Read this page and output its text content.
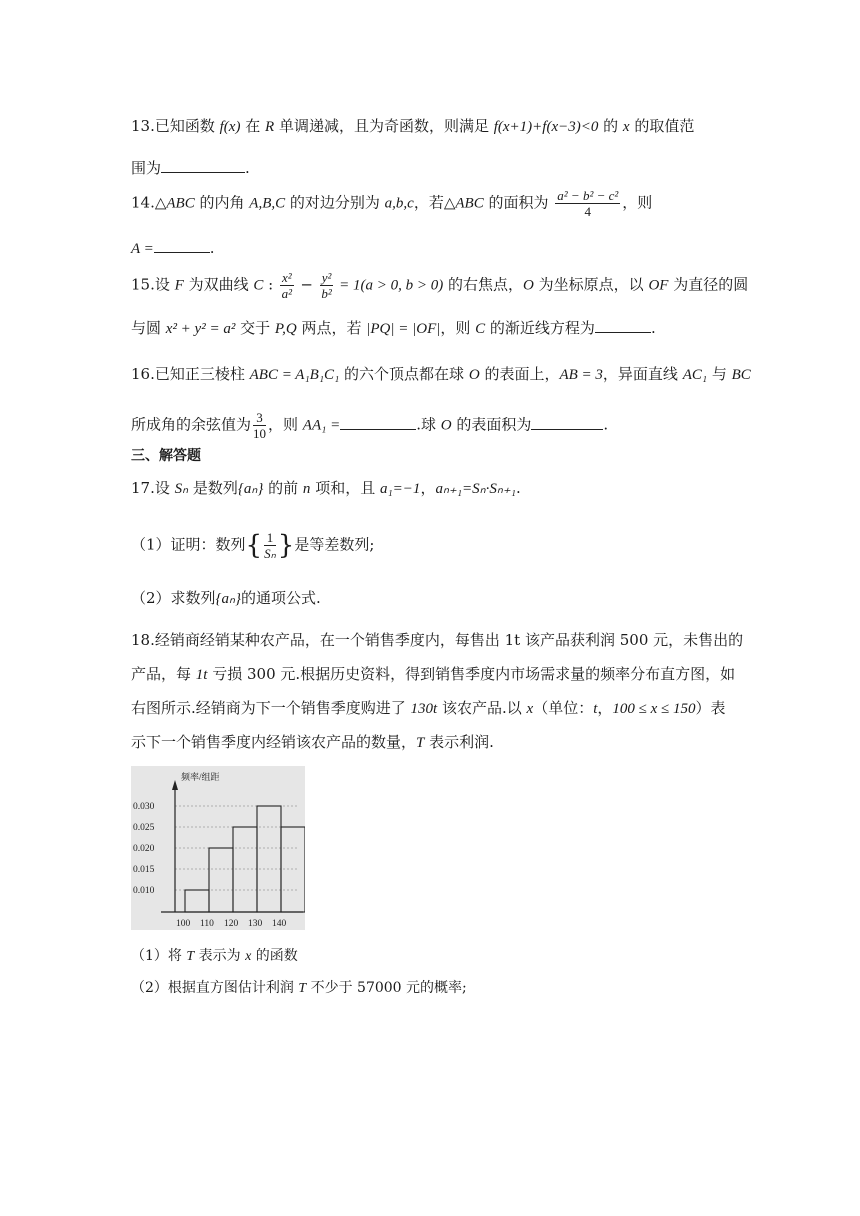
13.已知函数 f(x) 在 R 单调递减，且为奇函数，则满足 f(x+1)+f(x−3)<0 的 x 的取值范
围为	.
14.△ABC 的内角 A,B,C 的对边分别为 a,b,c，若△ABC 的面积为 $\frac{\text{a² − b² − c²}}{4}$ ，则
A =	.
15.设 F 为双曲线 C : $\frac{\text{x²}}{\text{a²}} - \frac{\text{y²}}{\text{b²}} = 1(a > 0$, b > 0) 的右焦点，O 为坐标原点，以 OF 为直径的圆
与圆 x² + y² = a² 交于 P,Q 两点，若 |PQ| = |OF|，则 C 的渐近线方程为	.
16.已知正三棱柱 ABC = A₁B₁C₁ 的六个顶点都在球 O 的表面上，AB = 3，异面直线 AC₁ 与 BC
所成角的余弦值为 $\frac{3}{10}$ ，则 AA₁ =	.球 O 的表面积为	.
三、解答题
17.设 Sₙ 是数列{aₙ} 的前 n 项和，且 a₁=−1，aₙ₊₁=Sₙ·Sₙ₊₁.
（1）证明：数列{ $\frac{1}{\text{Sₙ}}$ }是等差数列;
（2）求数列{aₙ}的通项公式.
18.经销商经销某种农产品，在一个销售季度内，每售出 1t 该产品获利润 500 元，未售出的
产品，每 1t 亏损 300 元.根据历史资料，得到销售季度内市场需求量的频率分布直方图，如
右图所示.经销商为下一个销售季度购进了 130t 该农产品.以 x（单位：t，100 ≤ x ≤ 150）表
示下一个销售季度内经销该农产品的数量，T 表示利润.
频率/组距
0.010
0.015
0.020
0.025
0.030
100 110 120 130 140
（1）将 T 表示为 x 的函数
（2）根据直方图估计利润 T 不少于 57000 元的概率;
